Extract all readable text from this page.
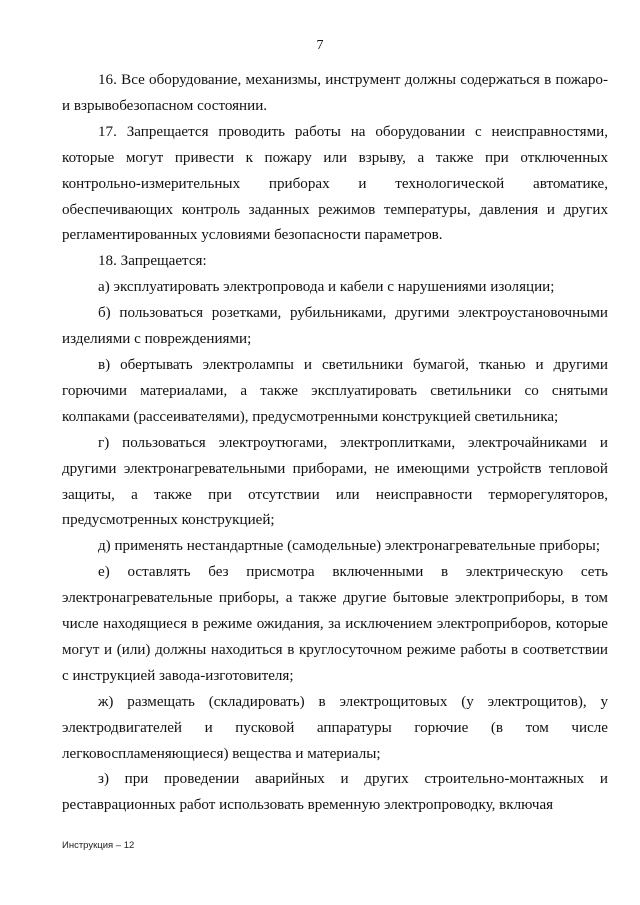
7

16. Все оборудование, механизмы, инструмент должны содержаться в пожаро- и взрывобезопасном состоянии.

17. Запрещается проводить работы на оборудовании с неисправностями, которые могут привести к пожару или взрыву, а также при отключенных контрольно-измерительных приборах и технологической автоматике, обеспечивающих контроль заданных режимов температуры, давления и других регламентированных условиями безопасности параметров.

18. Запрещается:

а) эксплуатировать электропровода и кабели с нарушениями изоляции;

б) пользоваться розетками, рубильниками, другими электроустановочными изделиями с повреждениями;

в) обертывать электролампы и светильники бумагой, тканью и другими горючими материалами, а также эксплуатировать светильники со снятыми колпаками (рассеивателями), предусмотренными конструкцией светильника;

г) пользоваться электроутюгами, электроплитками, электрочайниками и другими электронагревательными приборами, не имеющими устройств тепловой защиты, а также при отсутствии или неисправности терморегуляторов, предусмотренных конструкцией;

д) применять нестандартные (самодельные) электронагревательные приборы;

е) оставлять без присмотра включенными в электрическую сеть электронагревательные приборы, а также другие бытовые электроприборы, в том числе находящиеся в режиме ожидания, за исключением электроприборов, которые могут и (или) должны находиться в круглосуточном режиме работы в соответствии с инструкцией завода-изготовителя;

ж) размещать (складировать) в электрощитовых (у электрощитов), у электродвигателей и пусковой аппаратуры горючие (в том числе легковоспламеняющиеся) вещества и материалы;

з) при проведении аварийных и других строительно-монтажных и реставрационных работ использовать временную электропроводку, включая

Инструкция – 12
